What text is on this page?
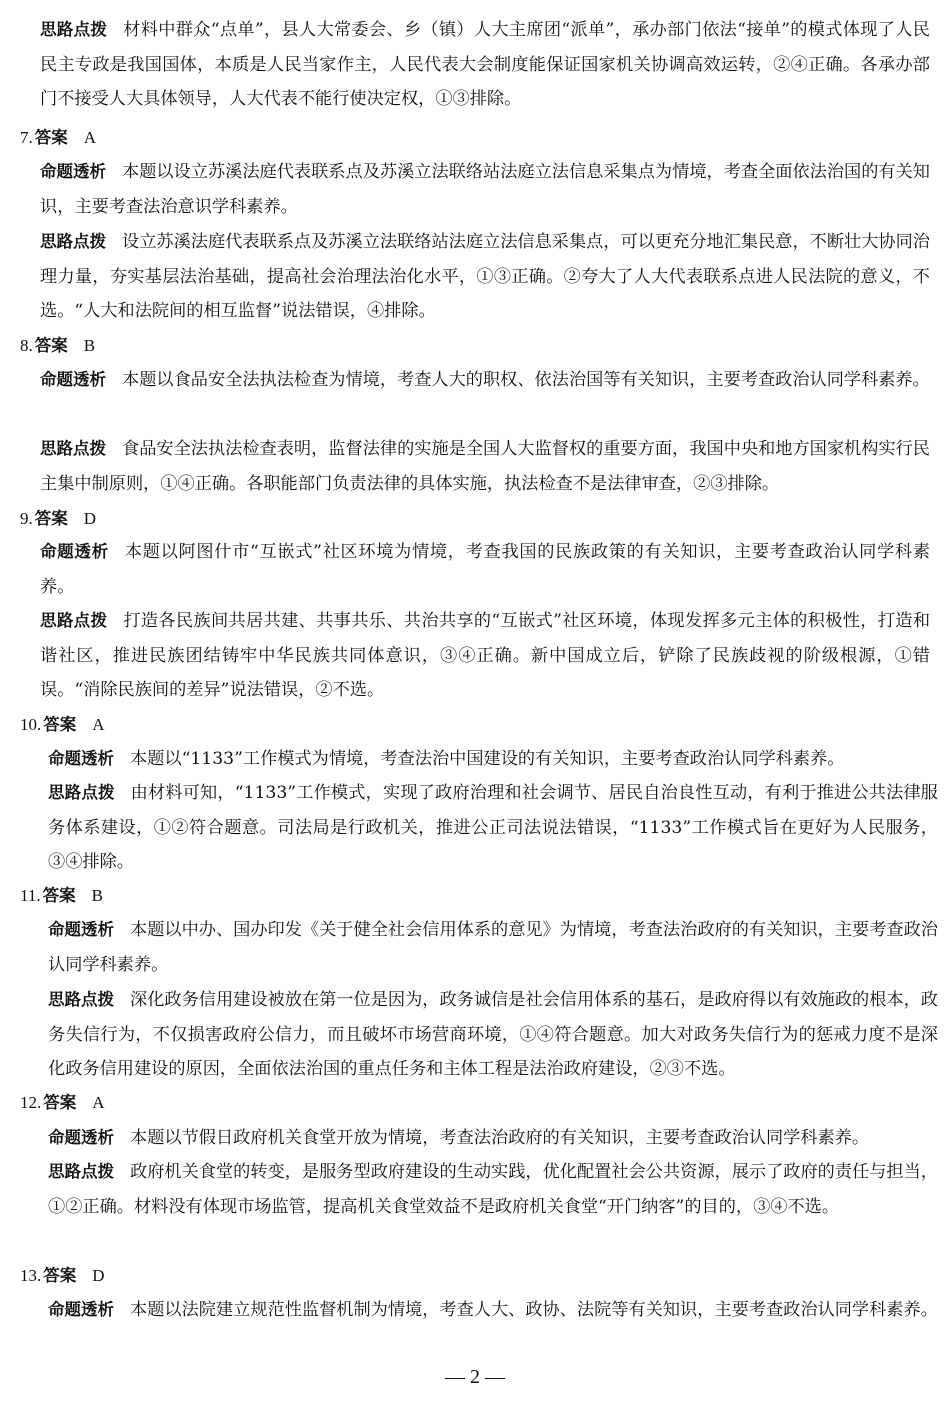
思路点拨 材料中群众“点单”，县人大常委会、乡（镇）人大主席团“派单”，承办部门依法“接单”的模式体现了人民民主专政是我国国体，本质是人民当家作主，人民代表大会制度能保证国家机关协调高效运转，②④正确。各承办部门不接受人大具体领导，人大代表不能行使决定权，①③排除。

7. 答案 A

命题透析 本题以设立苏溪法庭代表联系点及苏溪立法联络站法庭立法信息采集点为情境，考查全面依法治国的有关知识，主要考查法治意识学科素养。

思路点拨 设立苏溪法庭代表联系点及苏溪立法联络站法庭立法信息采集点，可以更充分地汇集民意，不断壮大协同治理力量，夯实基层法治基础，提高社会治理法治化水平，①③正确。②夸大了人大代表联系点进人民法院的意义，不选。“人大和法院间的相互监督”说法错误，④排除。

8. 答案 B

命题透析 本题以食品安全法执法检查为情境，考查人大的职权、依法治国等有关知识，主要考查政治认同学科素养。

思路点拨 食品安全法执法检查表明，监督法律的实施是全国人大监督权的重要方面，我国中央和地方国家机构实行民主集中制原则，①④正确。各职能部门负责法律的具体实施，执法检查不是法律审查，②③排除。

9. 答案 D

命题透析 本题以阿图什市“互嵌式”社区环境为情境，考查我国的民族政策的有关知识，主要考查政治认同学科素养。

思路点拨 打造各民族间共居共建、共事共乐、共治共享的“互嵌式”社区环境，体现发挥多元主体的积极性，打造和谐社区，推进民族团结铸牢中华民族共同体意识，③④正确。新中国成立后，铲除了民族歧视的阶级根源，①错误。“消除民族间的差异”说法错误，②不选。

10. 答案 A

命题透析 本题以“1133”工作模式为情境，考查法治中国建设的有关知识，主要考查政治认同学科素养。

思路点拨 由材料可知，“1133”工作模式，实现了政府治理和社会调节、居民自治良性互动，有利于推进公共法律服务体系建设，①②符合题意。司法局是行政机关，推进公正司法说法错误，“1133”工作模式旨在更好为人民服务，③④排除。

11. 答案 B

命题透析 本题以中办、国办印发《关于健全社会信用体系的意见》为情境，考查法治政府的有关知识，主要考查政治认同学科素养。

思路点拨 深化政务信用建设被放在第一位是因为，政务诚信是社会信用体系的基石，是政府得以有效施政的根本，政务失信行为，不仅损害政府公信力，而且破坏市场营商环境，①④符合题意。加大对政务失信行为的惩戒力度不是深化政务信用建设的原因，全面依法治国的重点任务和主体工程是法治政府建设，②③不选。

12. 答案 A

命题透析 本题以节假日政府机关食堂开放为情境，考查法治政府的有关知识，主要考查政治认同学科素养。

思路点拨 政府机关食堂的转变，是服务型政府建设的生动实践，优化配置社会公共资源，展示了政府的责任与担当，①②正确。材料没有体现市场监管，提高机关食堂效益不是政府机关食堂“开门纳客”的目的，③④不选。

13. 答案 D

命题透析 本题以法院建立规范性监督机制为情境，考查人大、政协、法院等有关知识，主要考查政治认同学科素养。

— 2 —
